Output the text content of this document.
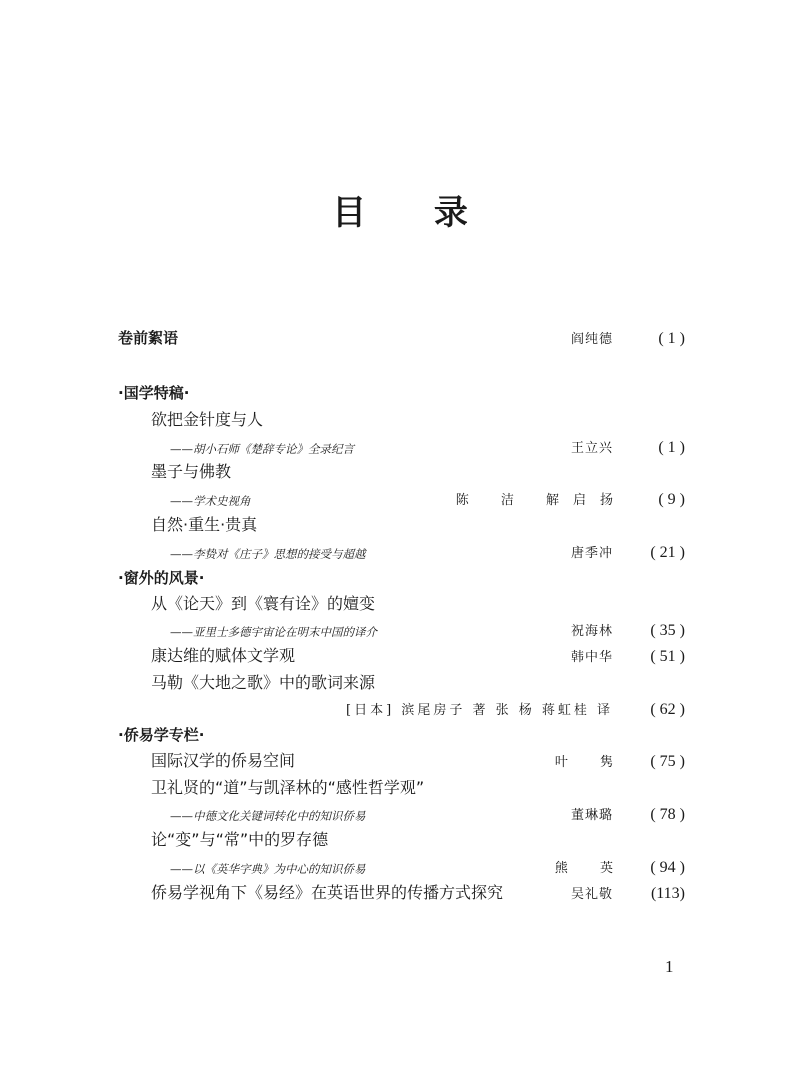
目 录
卷前絮语	阎纯德	( 1 )
·国学特稿·
欲把金针度与人
——胡小石师《楚辞专论》全录纪言	王立兴	( 1 )
墨子与佛教
——学术史视角	陈 洁 解启扬	( 9 )
自然·重生·贵真
——李贽对《庄子》思想的接受与超越	唐季冲	( 21 )
·窗外的风景·
从《论天》到《寰有诠》的嬗变
——亚里士多德宇宙论在明末中国的译介	祝海林	( 35 )
康达维的赋体文学观	韩中华	( 51 )
马勒《大地之歌》中的歌词来源
[日本] 滨尾房子 著 张 杨 蒋虹桂 译	( 62 )
·侨易学专栏·
国际汉学的侨易空间	叶 隽	( 75 )
卫礼贤的“道”与凯泽林的“感性哲学观”
——中德文化关键词转化中的知识侨易	董琳璐	( 78 )
论“变”与“常”中的罗存德
——以《英华字典》为中心的知识侨易	熊 英	( 94 )
侨易学视角下《易经》在英语世界的传播方式探究	吴礼敬	(113)
1
